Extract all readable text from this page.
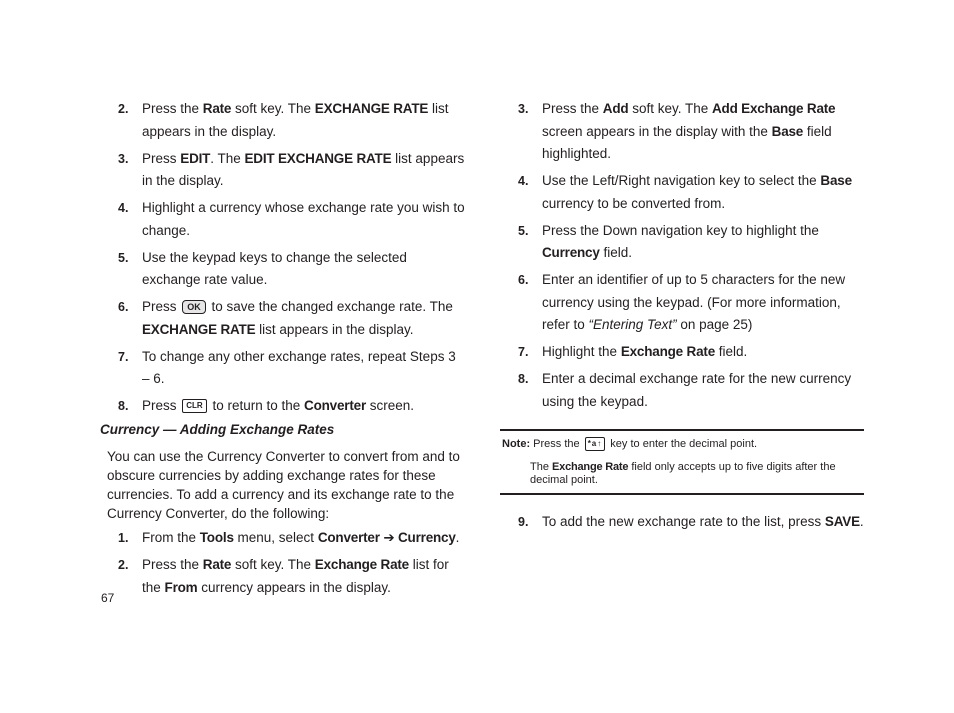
2.	Press the Rate soft key. The EXCHANGE RATE list appears in the display.
3.	Press EDIT. The EDIT EXCHANGE RATE list appears in the display.
4.	Highlight a currency whose exchange rate you wish to change.
5.	Use the keypad keys to change the selected exchange rate value.
6.	Press OK to save the changed exchange rate. The EXCHANGE RATE list appears in the display.
7.	To change any other exchange rates, repeat Steps 3 – 6.
8.	Press CLR to return to the Converter screen.
Currency — Adding Exchange Rates
You can use the Currency Converter to convert from and to obscure currencies by adding exchange rates for these currencies. To add a currency and its exchange rate to the Currency Converter, do the following:
1.	From the Tools menu, select Converter ➔ Currency.
2.	Press the Rate soft key. The Exchange Rate list for the From currency appears in the display.
3.	Press the Add soft key. The Add Exchange Rate screen appears in the display with the Base field highlighted.
4.	Use the Left/Right navigation key to select the Base currency to be converted from.
5.	Press the Down navigation key to highlight the Currency field.
6.	Enter an identifier of up to 5 characters for the new currency using the keypad. (For more information, refer to “Entering Text” on page 25)
7.	Highlight the Exchange Rate field.
8.	Enter a decimal exchange rate for the new currency using the keypad.
Note: Press the *a↑ key to enter the decimal point.
The Exchange Rate field only accepts up to five digits after the decimal point.
9.	To add the new exchange rate to the list, press SAVE.
67
